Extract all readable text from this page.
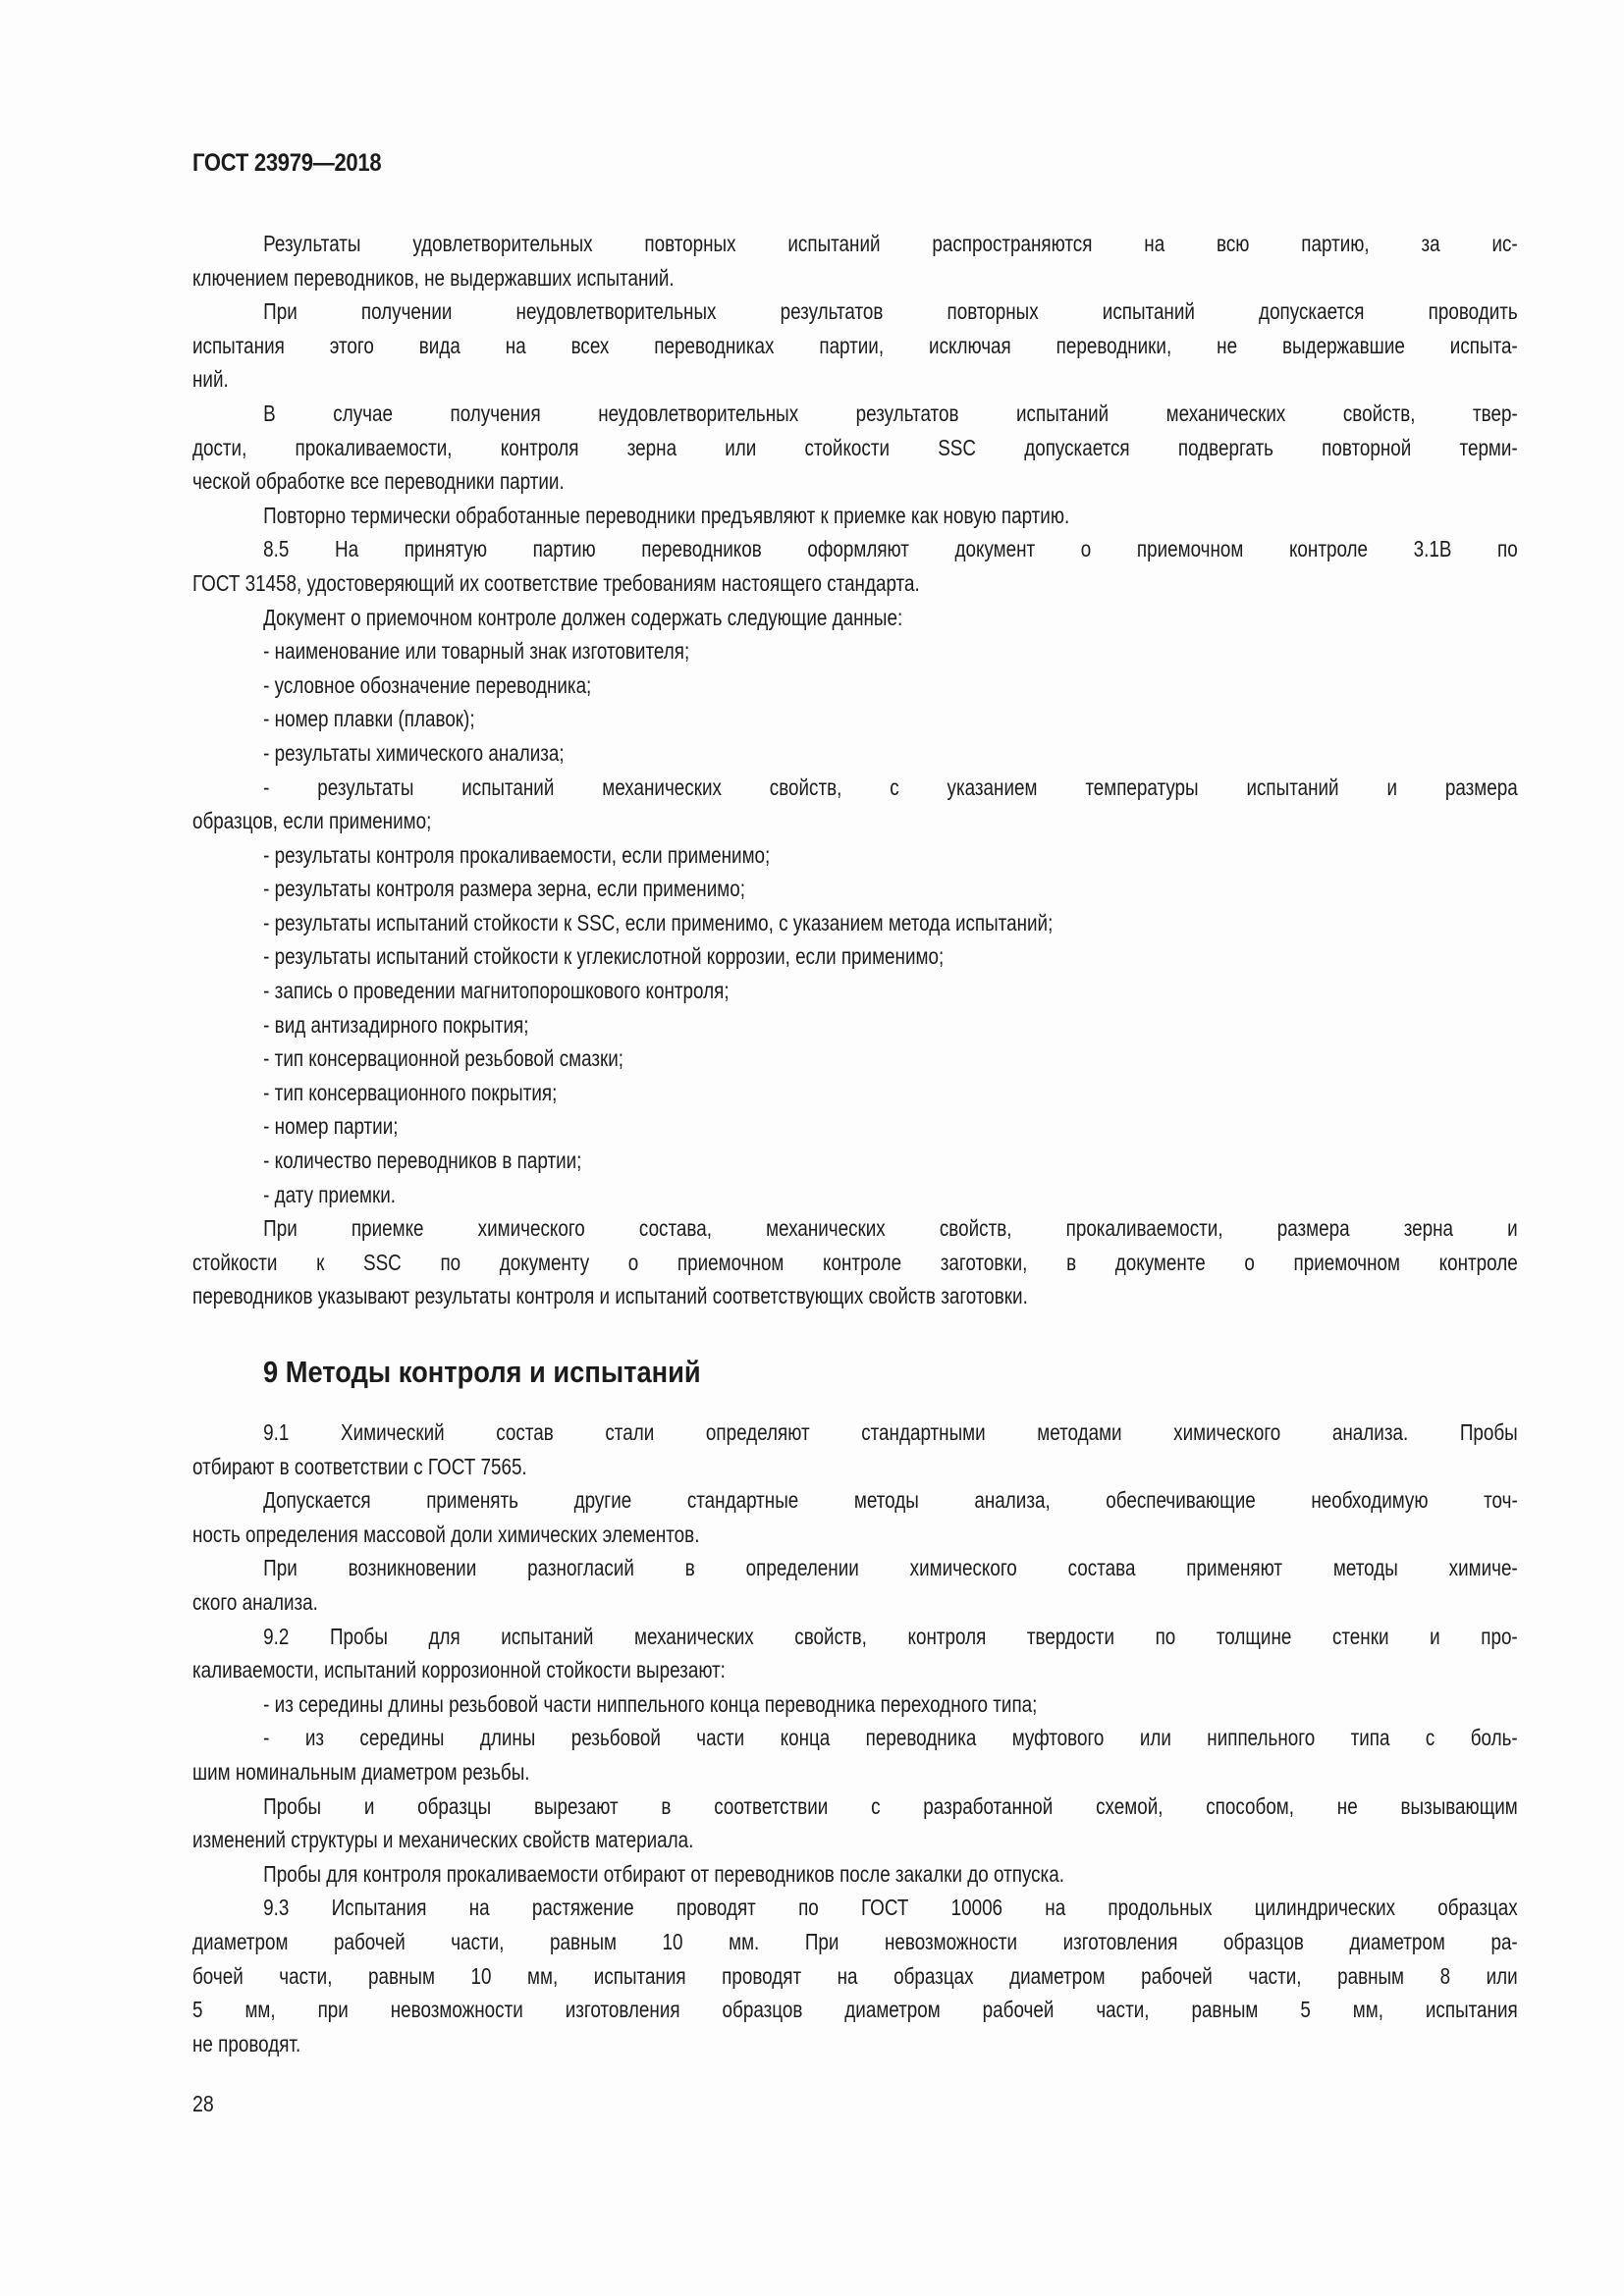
ГОСТ 23979—2018
Результаты удовлетворительных повторных испытаний распространяются на всю партию, за ис-
ключением переводников, не выдержавших испытаний.
При получении неудовлетворительных результатов повторных испытаний допускается проводить
испытания этого вида на всех переводниках партии, исключая переводники, не выдержавшие испыта-
ний.
В случае получения неудовлетворительных результатов испытаний механических свойств, твер-
дости, прокаливаемости, контроля зерна или стойкости SSC допускается подвергать повторной терми-
ческой обработке все переводники партии.
Повторно термически обработанные переводники предъявляют к приемке как новую партию.
8.5 На принятую партию переводников оформляют документ о приемочном контроле 3.1В по
ГОСТ 31458, удостоверяющий их соответствие требованиям настоящего стандарта.
Документ о приемочном контроле должен содержать следующие данные:
- наименование или товарный знак изготовителя;
- условное обозначение переводника;
- номер плавки (плавок);
- результаты химического анализа;
- результаты испытаний механических свойств, с указанием температуры испытаний и размера
образцов, если применимо;
- результаты контроля прокаливаемости, если применимо;
- результаты контроля размера зерна, если применимо;
- результаты испытаний стойкости к SSC, если применимо, с указанием метода испытаний;
- результаты испытаний стойкости к углекислотной коррозии, если применимо;
- запись о проведении магнитопорошкового контроля;
- вид антизадирного покрытия;
- тип консервационной резьбовой смазки;
- тип консервационного покрытия;
- номер партии;
- количество переводников в партии;
- дату приемки.
При приемке химического состава, механических свойств, прокаливаемости, размера зерна и
стойкости к SSC по документу о приемочном контроле заготовки, в документе о приемочном контроле
переводников указывают результаты контроля и испытаний соответствующих свойств заготовки.
9 Методы контроля и испытаний
9.1 Химический состав стали определяют стандартными методами химического анализа. Пробы
отбирают в соответствии с ГОСТ 7565.
Допускается применять другие стандартные методы анализа, обеспечивающие необходимую точ-
ность определения массовой доли химических элементов.
При возникновении разногласий в определении химического состава применяют методы химиче-
ского анализа.
9.2 Пробы для испытаний механических свойств, контроля твердости по толщине стенки и про-
каливаемости, испытаний коррозионной стойкости вырезают:
- из середины длины резьбовой части ниппельного конца переводника переходного типа;
- из середины длины резьбовой части конца переводника муфтового или ниппельного типа с боль-
шим номинальным диаметром резьбы.
Пробы и образцы вырезают в соответствии с разработанной схемой, способом, не вызывающим
изменений структуры и механических свойств материала.
Пробы для контроля прокаливаемости отбирают от переводников после закалки до отпуска.
9.3 Испытания на растяжение проводят по ГОСТ 10006 на продольных цилиндрических образцах
диаметром рабочей части, равным 10 мм. При невозможности изготовления образцов диаметром ра-
бочей части, равным 10 мм, испытания проводят на образцах диаметром рабочей части, равным 8 или
5 мм, при невозможности изготовления образцов диаметром рабочей части, равным 5 мм, испытания
не проводят.
28
